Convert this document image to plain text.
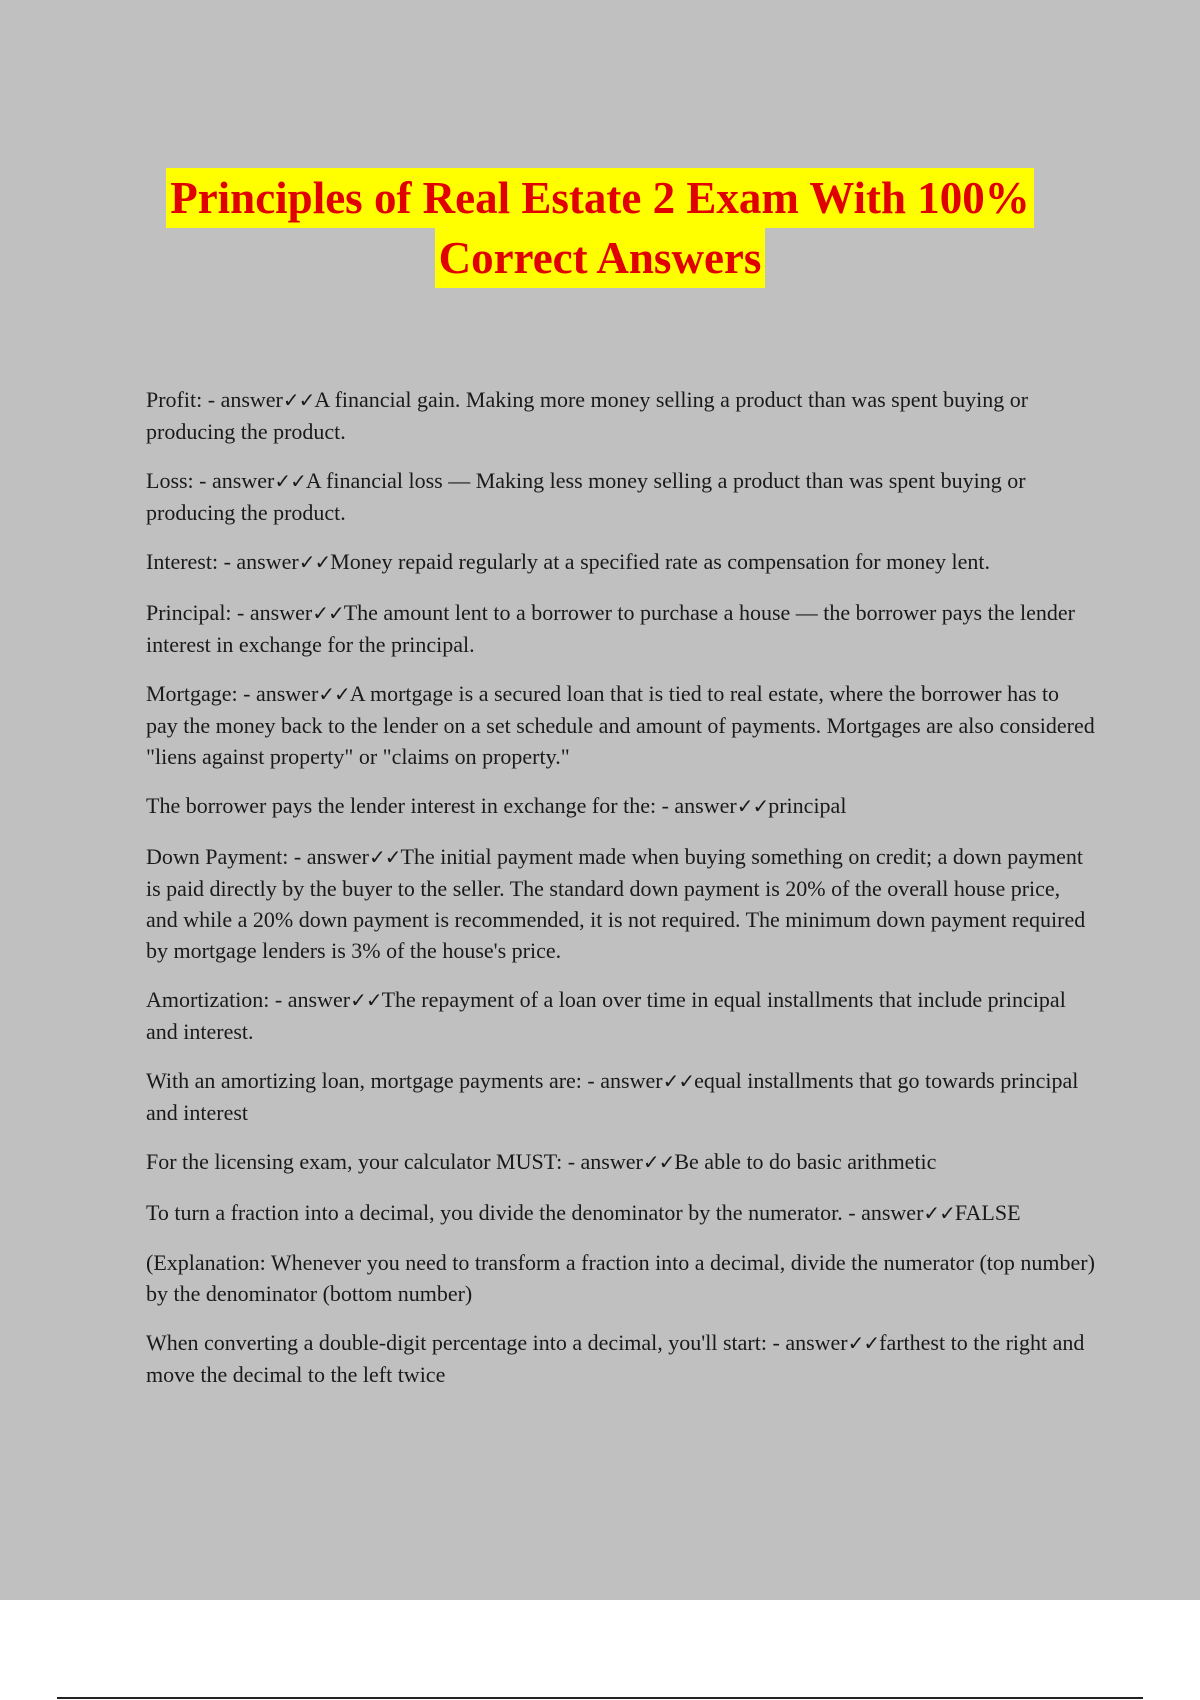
Principles of Real Estate 2 Exam With 100%
Correct Answers

Profit: - answer✓✓A financial gain. Making more money selling a product than was spent buying or producing the product.

Loss: - answer✓✓A financial loss — Making less money selling a product than was spent buying or producing the product.

Interest: - answer✓✓Money repaid regularly at a specified rate as compensation for money lent.

Principal: - answer✓✓The amount lent to a borrower to purchase a house — the borrower pays the lender interest in exchange for the principal.

Mortgage: - answer✓✓A mortgage is a secured loan that is tied to real estate, where the borrower has to pay the money back to the lender on a set schedule and amount of payments. Mortgages are also considered "liens against property" or "claims on property."

The borrower pays the lender interest in exchange for the: - answer✓✓principal

Down Payment: - answer✓✓The initial payment made when buying something on credit; a down payment is paid directly by the buyer to the seller. The standard down payment is 20% of the overall house price, and while a 20% down payment is recommended, it is not required. The minimum down payment required by mortgage lenders is 3% of the house's price.

Amortization: - answer✓✓The repayment of a loan over time in equal installments that include principal and interest.

With an amortizing loan, mortgage payments are: - answer✓✓equal installments that go towards principal and interest

For the licensing exam, your calculator MUST: - answer✓✓Be able to do basic arithmetic

To turn a fraction into a decimal, you divide the denominator by the numerator. - answer✓✓FALSE

(Explanation: Whenever you need to transform a fraction into a decimal, divide the numerator (top number) by the denominator (bottom number)

When converting a double-digit percentage into a decimal, you'll start: - answer✓✓farthest to the right and move the decimal to the left twice
